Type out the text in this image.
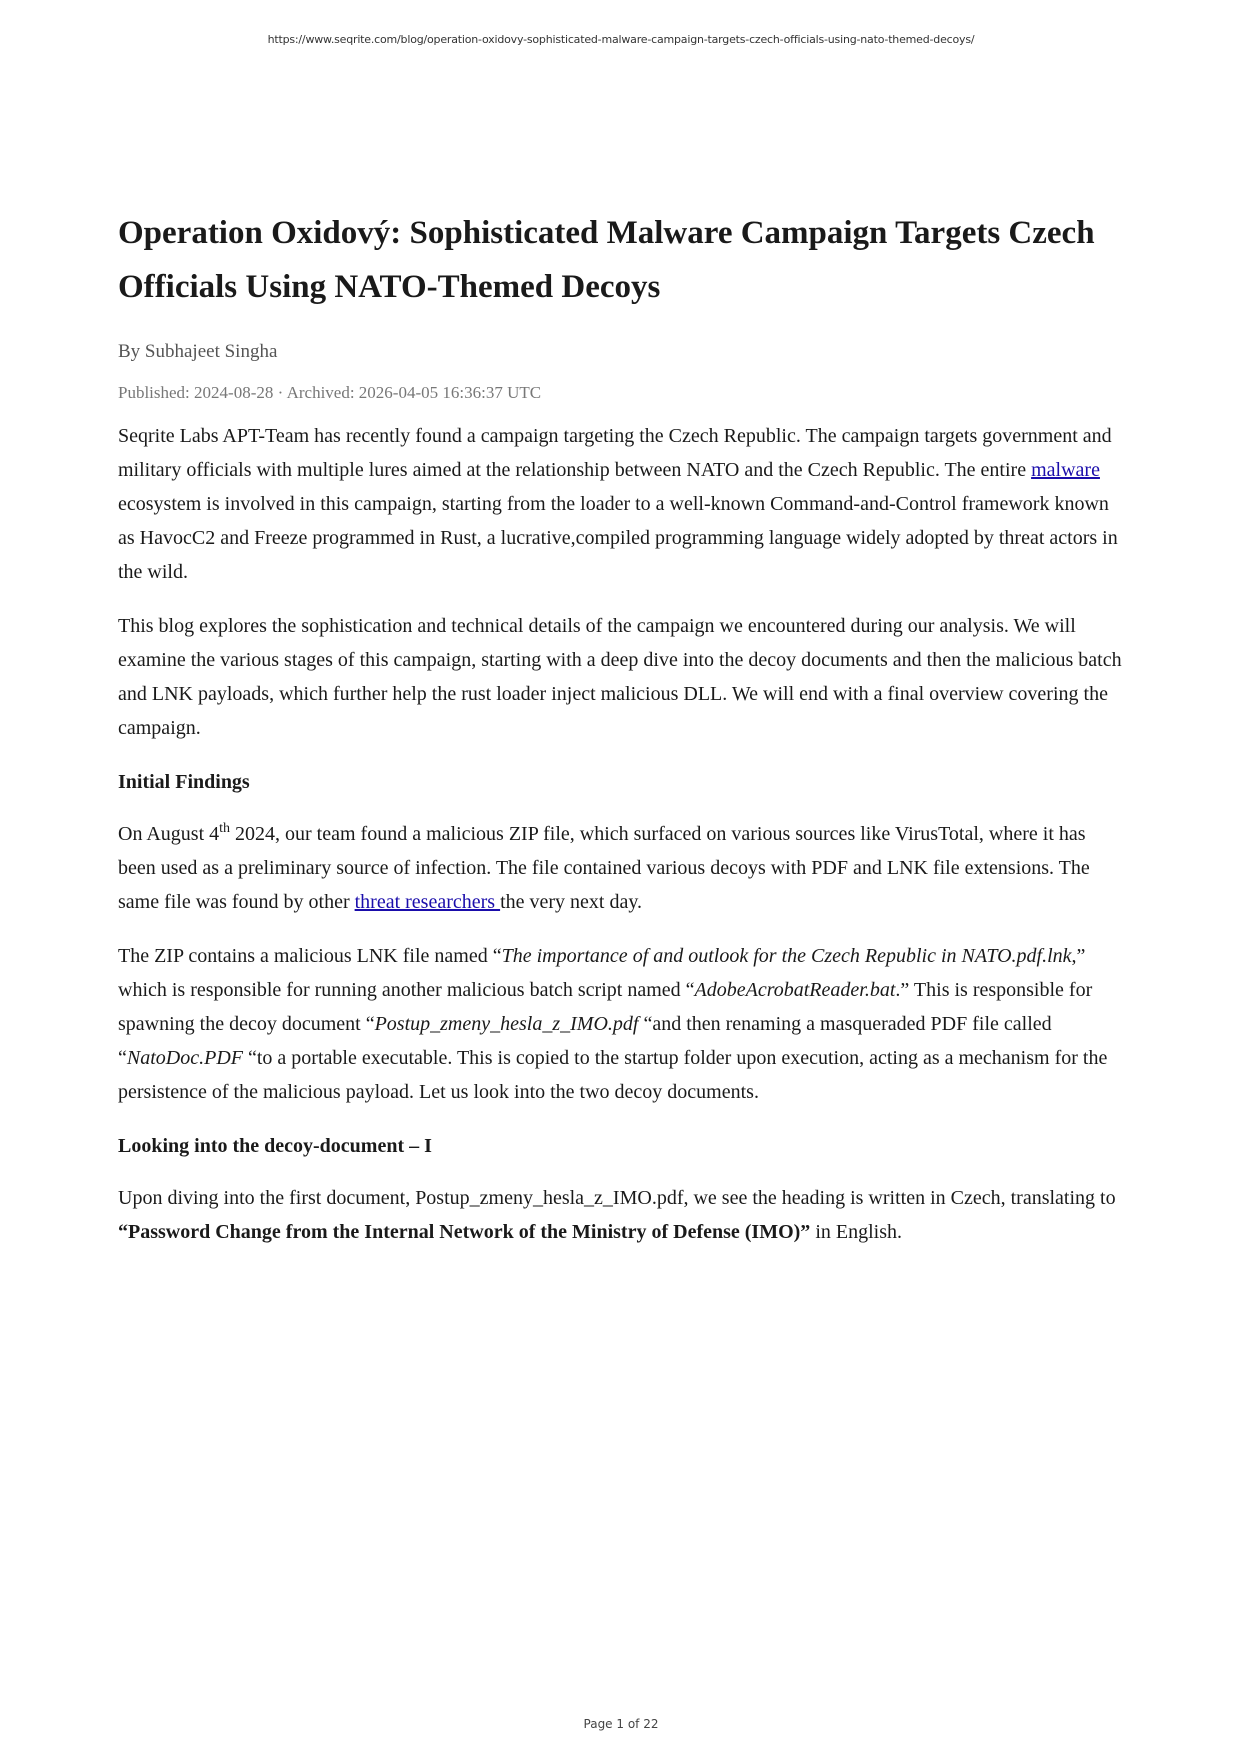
https://www.seqrite.com/blog/operation-oxidovy-sophisticated-malware-campaign-targets-czech-officials-using-nato-themed-decoys/
Operation Oxidový: Sophisticated Malware Campaign Targets Czech Officials Using NATO-Themed Decoys
By Subhajeet Singha
Published: 2024-08-28 · Archived: 2026-04-05 16:36:37 UTC

Seqrite Labs APT-Team has recently found a campaign targeting the Czech Republic. The campaign targets government and military officials with multiple lures aimed at the relationship between NATO and the Czech Republic. The entire malware ecosystem is involved in this campaign, starting from the loader to a well-known Command-and-Control framework known as HavocC2 and Freeze programmed in Rust, a lucrative,compiled programming language widely adopted by threat actors in the wild.

This blog explores the sophistication and technical details of the campaign we encountered during our analysis. We will examine the various stages of this campaign, starting with a deep dive into the decoy documents and then the malicious batch and LNK payloads, which further help the rust loader inject malicious DLL. We will end with a final overview covering the campaign.

Initial Findings

On August 4th 2024, our team found a malicious ZIP file, which surfaced on various sources like VirusTotal, where it has been used as a preliminary source of infection. The file contained various decoys with PDF and LNK file extensions. The same file was found by other threat researchers the very next day.

The ZIP contains a malicious LNK file named “The importance of and outlook for the Czech Republic in NATO.pdf.lnk,” which is responsible for running another malicious batch script named “AdobeAcrobatReader.bat.” This is responsible for spawning the decoy document “Postup_zmeny_hesla_z_IMO.pdf “and then renaming a masqueraded PDF file called “NatoDoc.PDF “to a portable executable. This is copied to the startup folder upon execution, acting as a mechanism for the persistence of the malicious payload. Let us look into the two decoy documents.

Looking into the decoy-document – I

Upon diving into the first document, Postup_zmeny_hesla_z_IMO.pdf, we see the heading is written in Czech, translating to “Password Change from the Internal Network of the Ministry of Defense (IMO)” in English.

Page 1 of 22
